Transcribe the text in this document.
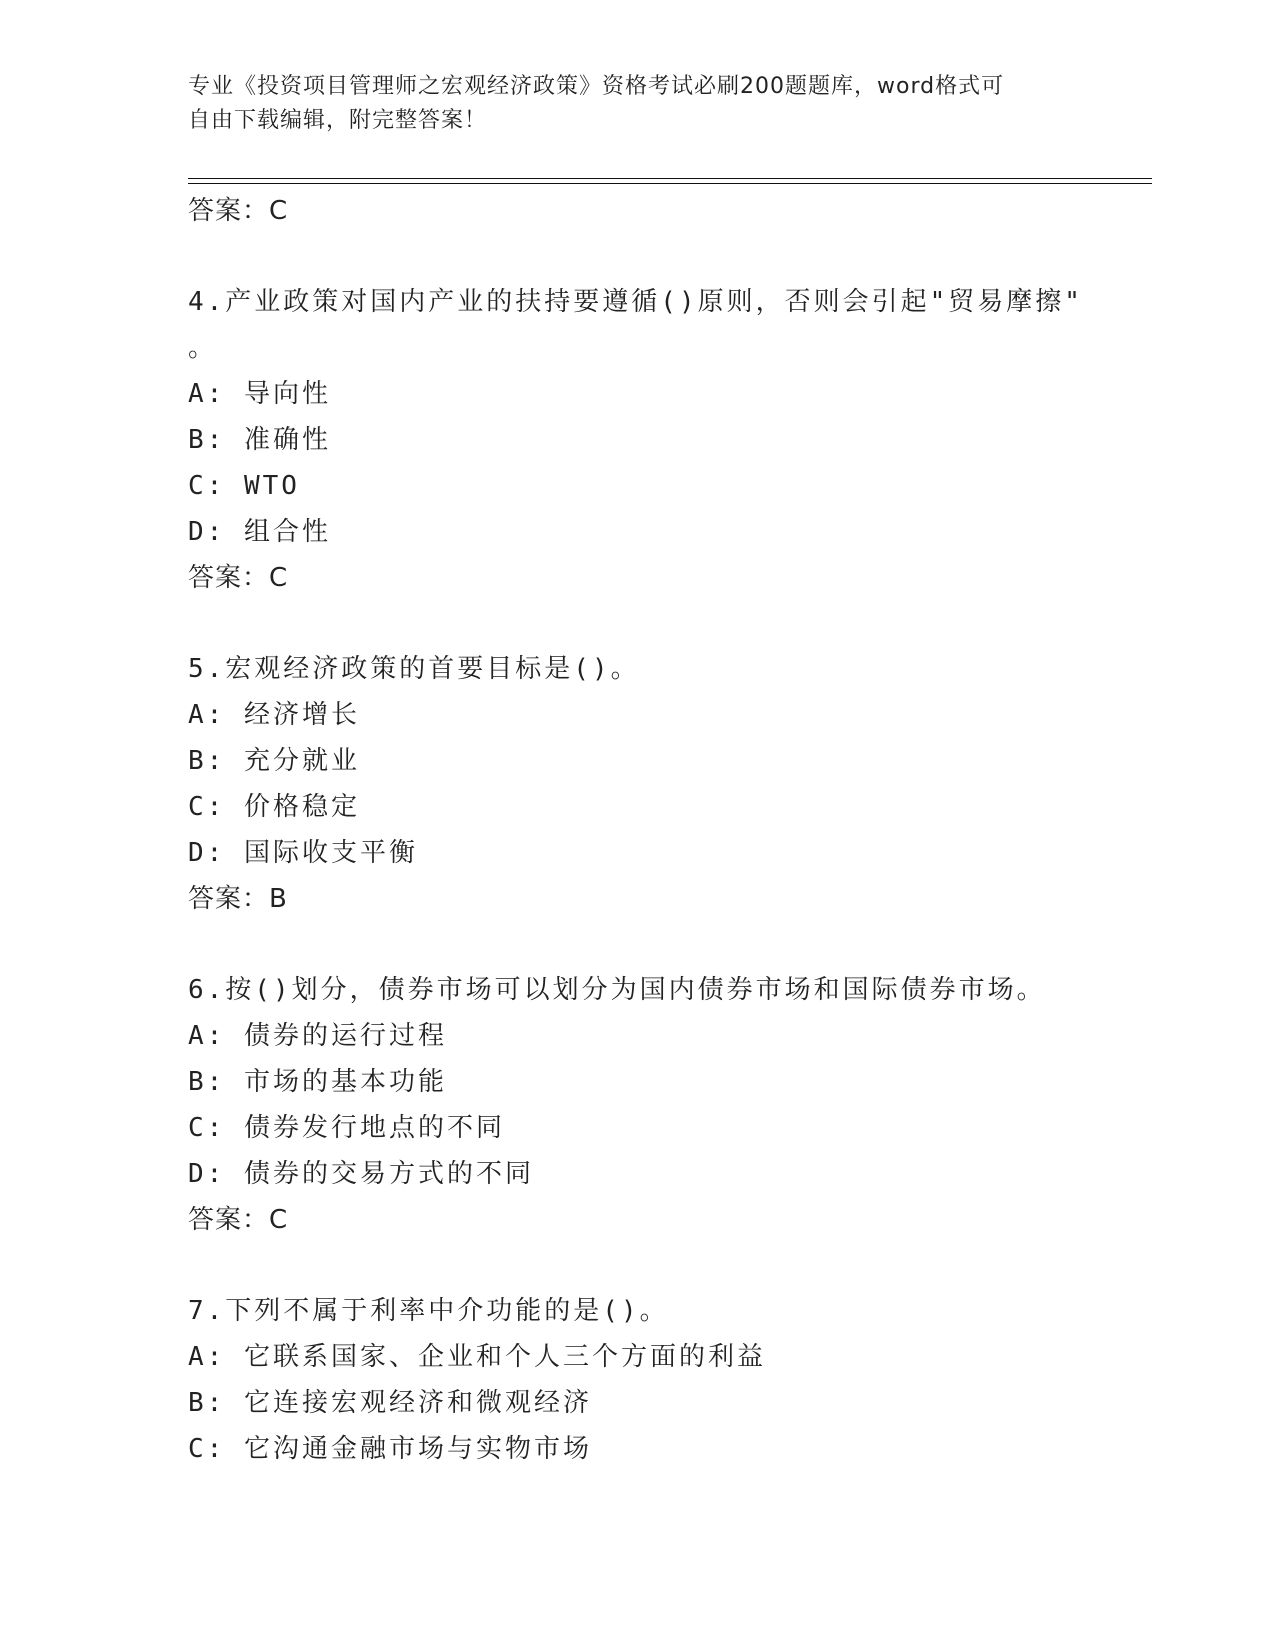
专业《投资项目管理师之宏观经济政策》资格考试必刷200题题库，word格式可
自由下载编辑，附完整答案！
答案：C
4.产业政策对国内产业的扶持要遵循()原则，否则会引起"贸易摩擦"
。
A: 导向性
B: 准确性
C: WTO
D: 组合性
答案：C
5.宏观经济政策的首要目标是()。
A: 经济增长
B: 充分就业
C: 价格稳定
D: 国际收支平衡
答案：B
6.按()划分，债券市场可以划分为国内债券市场和国际债券市场。
A: 债券的运行过程
B: 市场的基本功能
C: 债券发行地点的不同
D: 债券的交易方式的不同
答案：C
7.下列不属于利率中介功能的是()。
A: 它联系国家、企业和个人三个方面的利益
B: 它连接宏观经济和微观经济
C: 它沟通金融市场与实物市场
